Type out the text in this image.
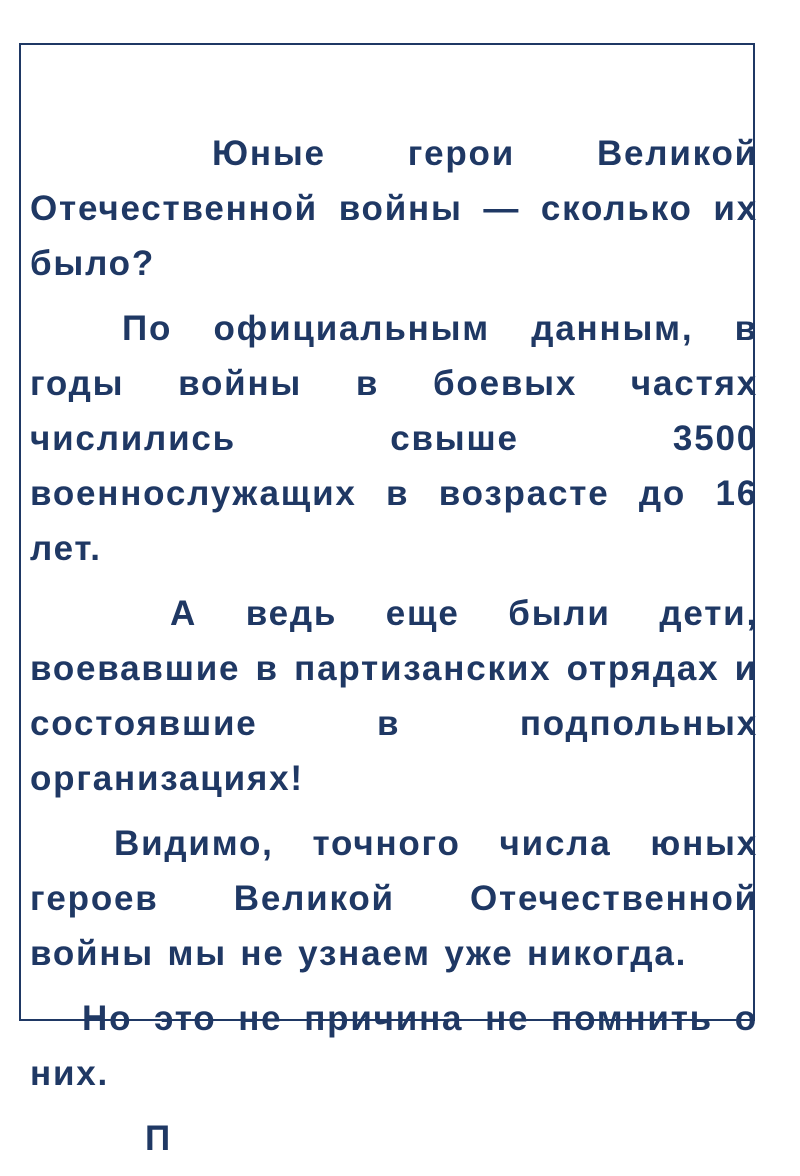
Юные герои Великой Отечественной войны — сколько их было?

По официальным данным, в годы войны в боевых частях числились свыше 3500 военнослужащих в возрасте до 16 лет.

А ведь еще были дети, воевавшие в партизанских отрядах и состоявшие в подпольных организациях!

Видимо, точного числа юных героев Великой Отечественной войны мы не узнаем уже никогда.

Но это не причина не помнить о них.

П
